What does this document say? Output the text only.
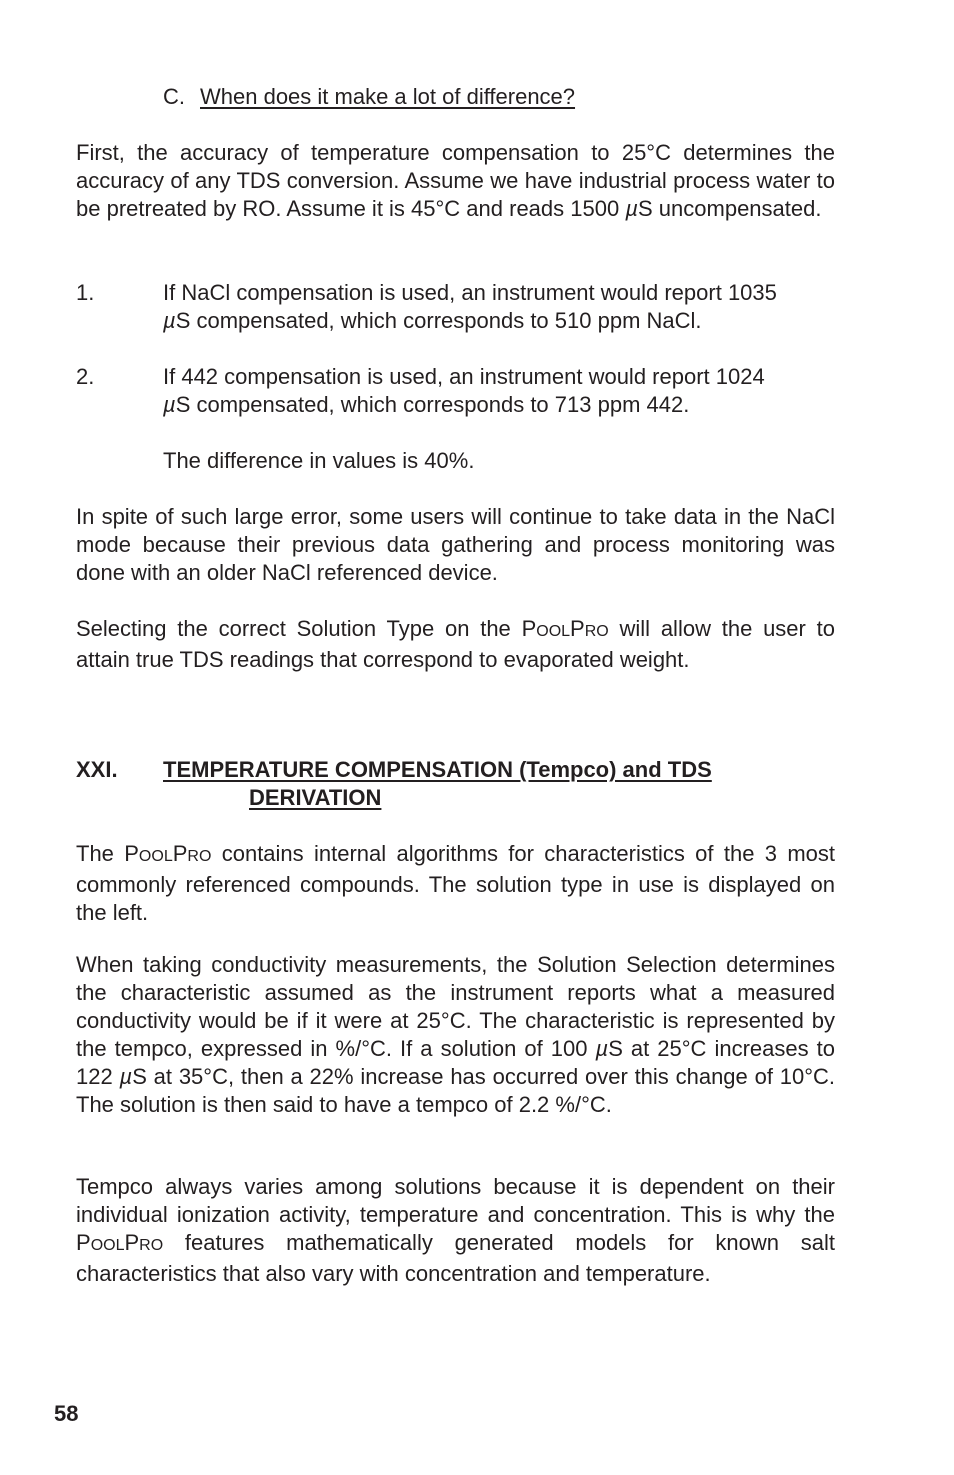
C. When does it make a lot of difference?
First, the accuracy of temperature compensation to 25°C determines the accuracy of any TDS conversion. Assume we have industrial process water to be pretreated by RO. Assume it is 45°C and reads 1500 µS uncompensated.
1.	If NaCl compensation is used, an instrument would report 1035
µS compensated, which corresponds to 510 ppm NaCl.
2.	If 442 compensation is used, an instrument would report 1024
µS compensated, which corresponds to 713 ppm 442.
The difference in values is 40%.
In spite of such large error, some users will continue to take data in the NaCl mode because their previous data gathering and process monitoring was done with an older NaCl referenced device.
Selecting the correct Solution Type on the POOLPRO will allow the user to attain true TDS readings that correspond to evaporated weight.
XXI. TEMPERATURE COMPENSATION (Tempco) and TDS
DERIVATION
The POOLPRO contains internal algorithms for characteristics of the 3 most commonly referenced compounds. The solution type in use is displayed on the left.
When taking conductivity measurements, the Solution Selection determines the characteristic assumed as the instrument reports what a measured conductivity would be if it were at 25°C. The characteristic is represented by the tempco, expressed in %/°C. If a solution of 100 µS at 25°C increases to 122 µS at 35°C, then a 22% increase has occurred over this change of 10°C. The solution is then said to have a tempco of 2.2 %/°C.
Tempco always varies among solutions because it is dependent on their individual ionization activity, temperature and concentration. This is why the POOLPRO features mathematically generated models for known salt characteristics that also vary with concentration and temperature.
58
